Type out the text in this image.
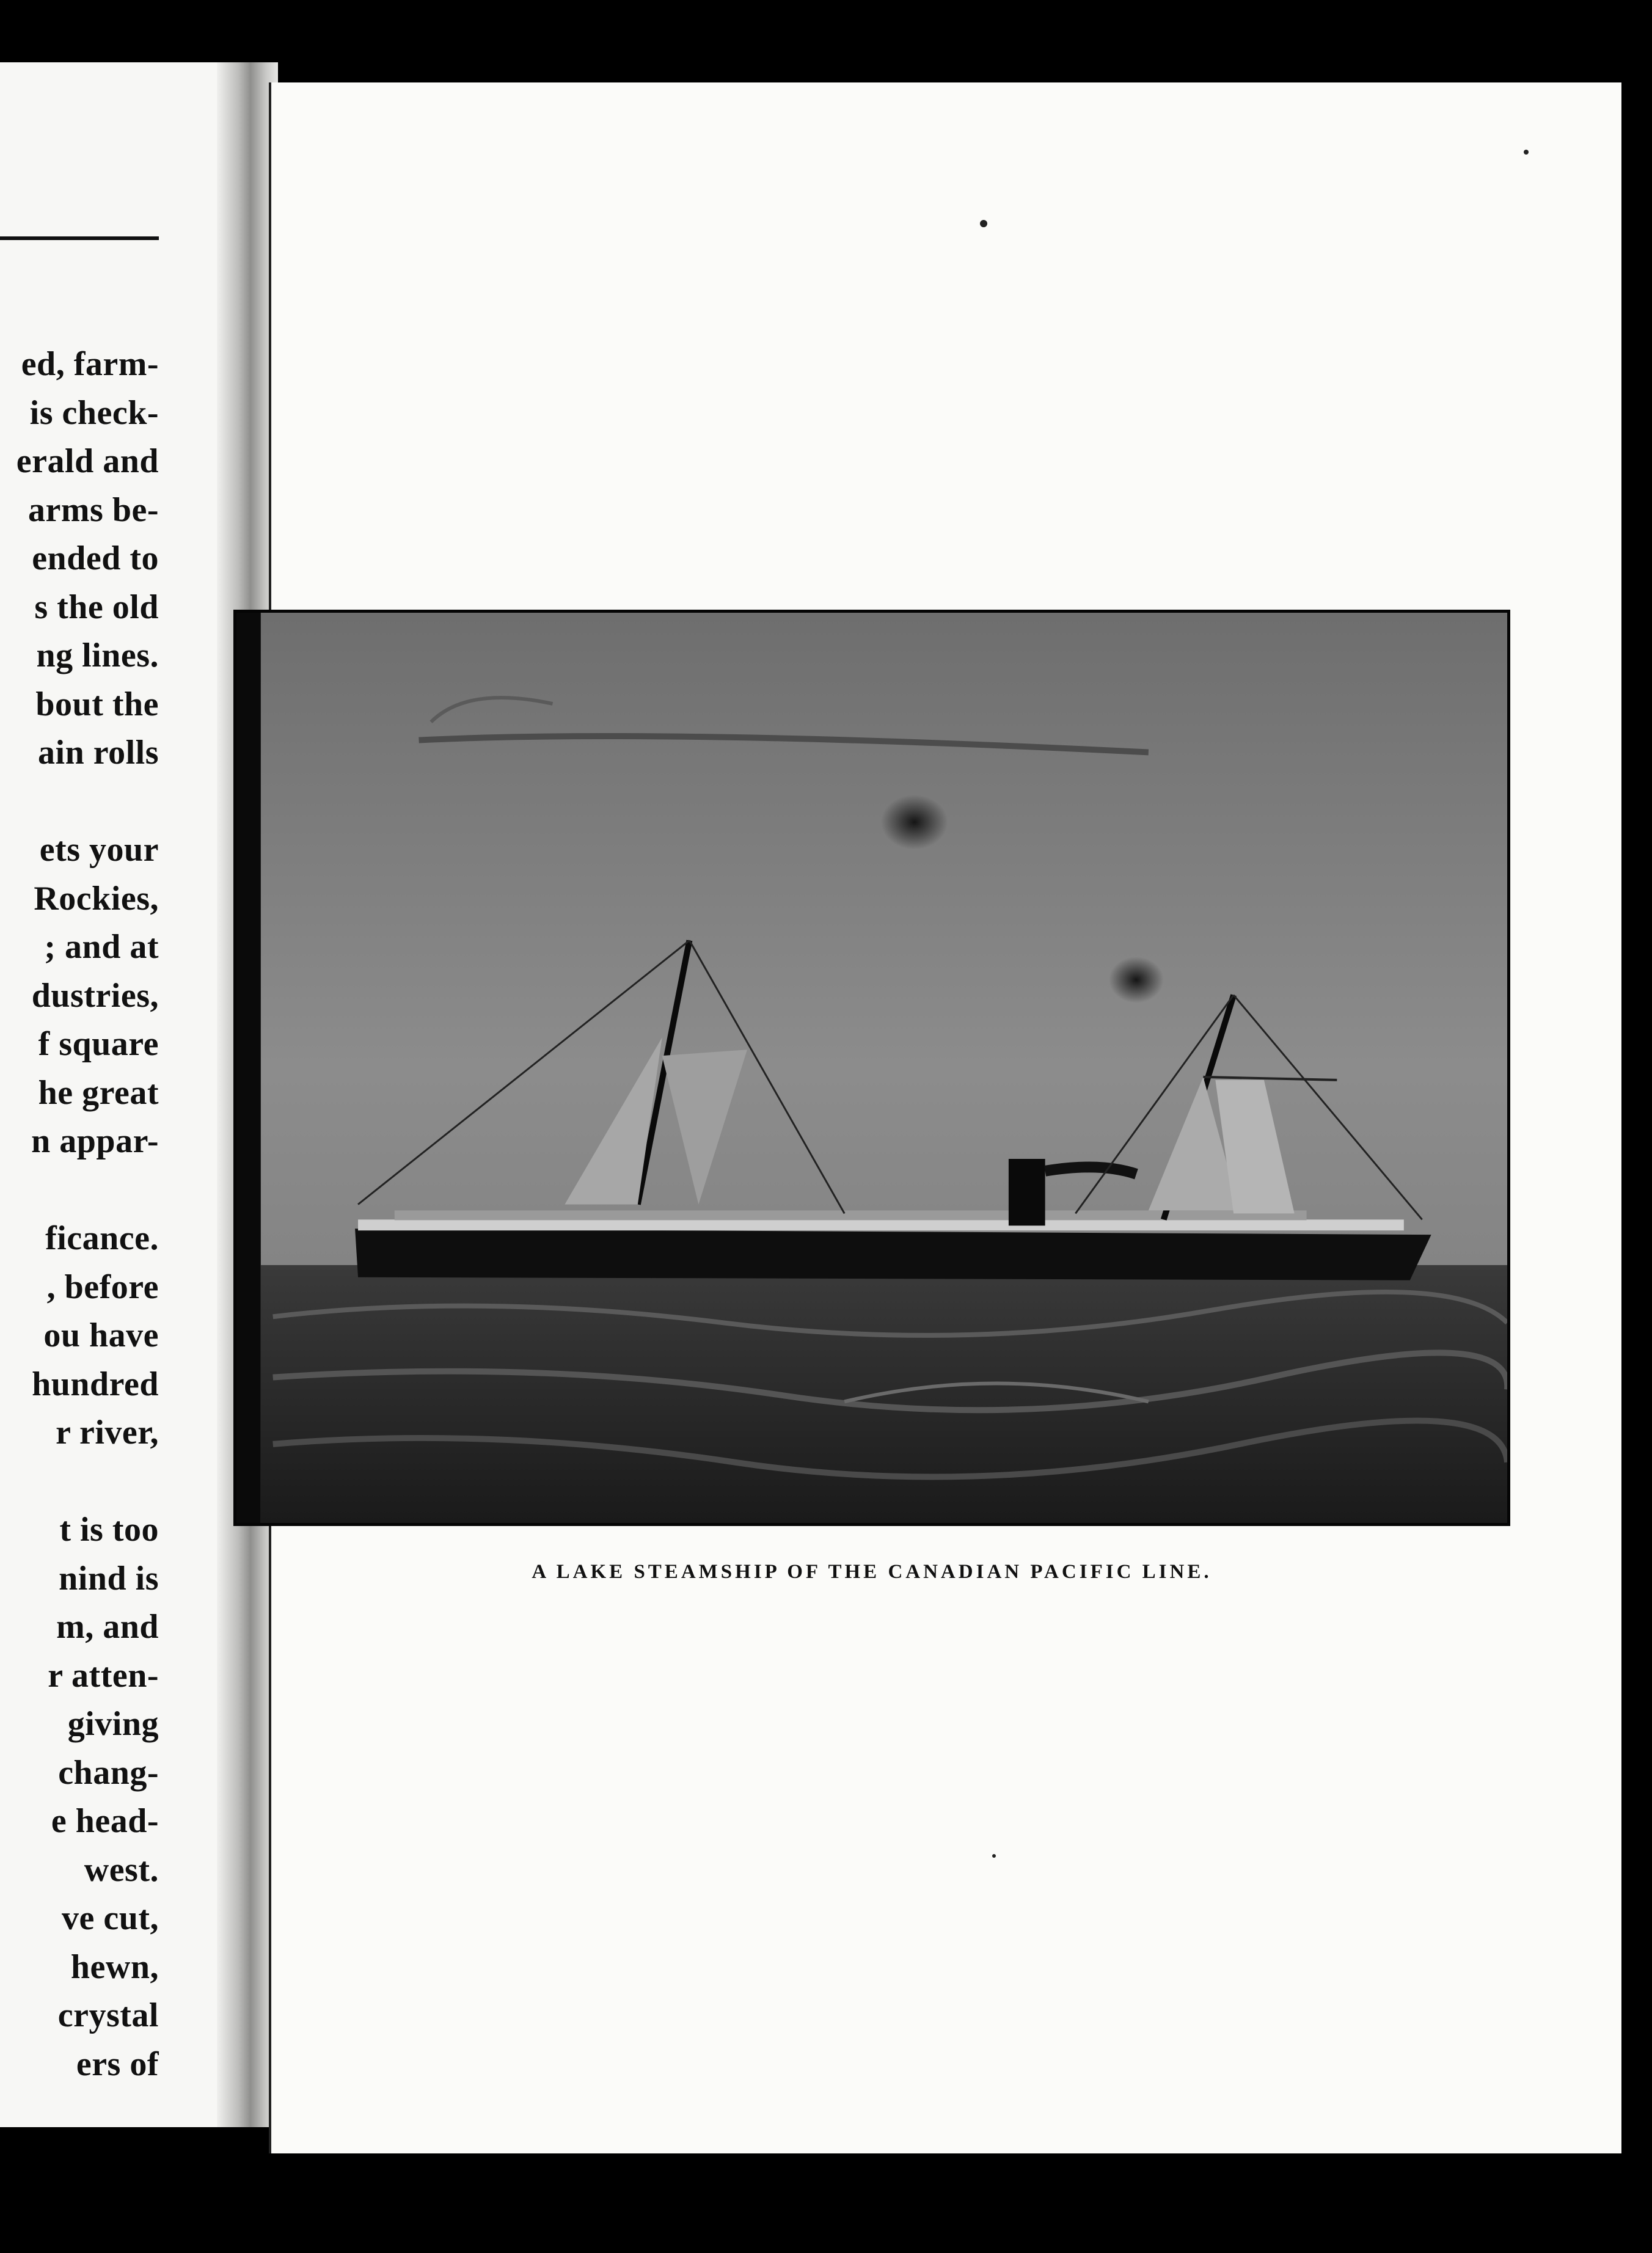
ed, farm-
is check-
erald and
arms be-
ended to
s the old
ng lines.
bout the
ain rolls
ets your
Rockies,
; and at
dustries,
f square
he great
n appar-
ficance.
, before
ou have
hundred
r river,
t is too
nind is
m, and
r atten-
giving
chang-
e head-
west.
ve cut,
hewn,
crystal
ers of

A LAKE STEAMSHIP OF THE CANADIAN PACIFIC LINE.
